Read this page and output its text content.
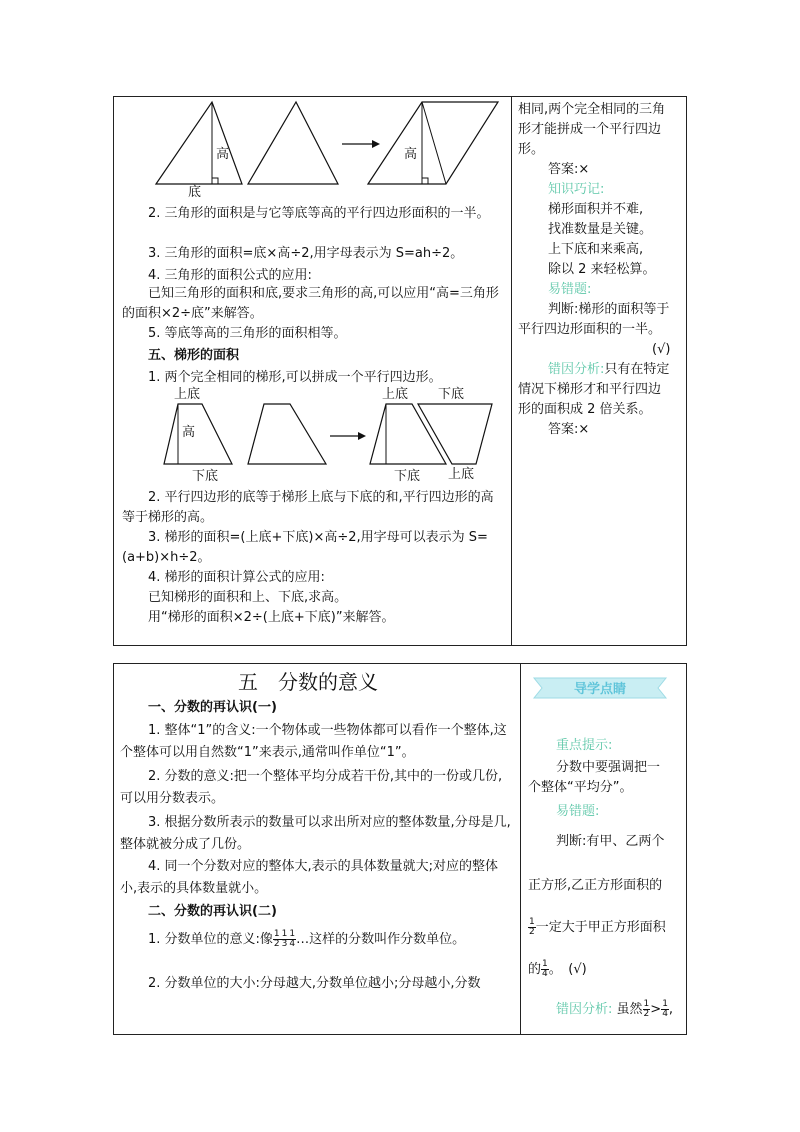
高
底
高
2. 三角形的面积是与它等底等高的平行四边形面积的一半。
3. 三角形的面积=底×高÷2,用字母表示为 S=ah÷2。
4. 三角形的面积公式的应用:
已知三角形的面积和底,要求三角形的高,可以应用“高=三角形的面积×2÷底”来解答。
5. 等底等高的三角形的面积相等。
五、梯形的面积
1. 两个完全相同的梯形,可以拼成一个平行四边形。
上底
高
下底
上底 下底
下底 上底
2. 平行四边形的底等于梯形上底与下底的和,平行四边形的高等于梯形的高。
3. 梯形的面积=(上底+下底)×高÷2,用字母可以表示为 S=(a+b)×h÷2。
4. 梯形的面积计算公式的应用:
已知梯形的面积和上、下底,求高。
用“梯形的面积×2÷(上底+下底)”来解答。
相同,两个完全相同的三角
形才能拼成一个平行四边
形。
答案:×
知识巧记:
梯形面积并不难,
找准数量是关键。
上下底和来乘高,
除以 2 来轻松算。
易错题:
判断:梯形的面积等于
平行四边形面积的一半。
(√)
错因分析:只有在特定
情况下梯形才和平行四边
形的面积成 2 倍关系。
答案:×
五　分数的意义	导学点睛
一、分数的再认识(一)
1. 整体“1”的含义:一个物体或一些物体都可以看作一个整体,这个整体可以用自然数“1”来表示,通常叫作单位“1”。
2. 分数的意义:把一个整体平均分成若干份,其中的一份或几份,可以用分数表示。
3. 根据分数所表示的数量可以求出所对应的整体数量,分母是几,整体就被分成了几份。
4. 同一个分数对应的整体大,表示的具体数量就大;对应的整体小,表示的具体数量就小。
二、分数的再认识(二)
1. 分数单位的意义:像 $\frac{1}{2} \frac{1}{3} \frac{1}{4}$ …这样的分数叫作分数单位。
2. 分数单位的大小:分母越大,分数单位越小;分母越小,分数
重点提示:
分数中要强调把一
个整体“平均分”。
易错题:
判断:有甲、乙两个
正方形,乙正方形面积的
$\frac{1}{2}$ 一定大于甲正方形面积
的 $\frac{1}{4}$ 。　(√)
错因分析: 虽然 $\frac{1}{2} > \frac{1}{4}$ ,
